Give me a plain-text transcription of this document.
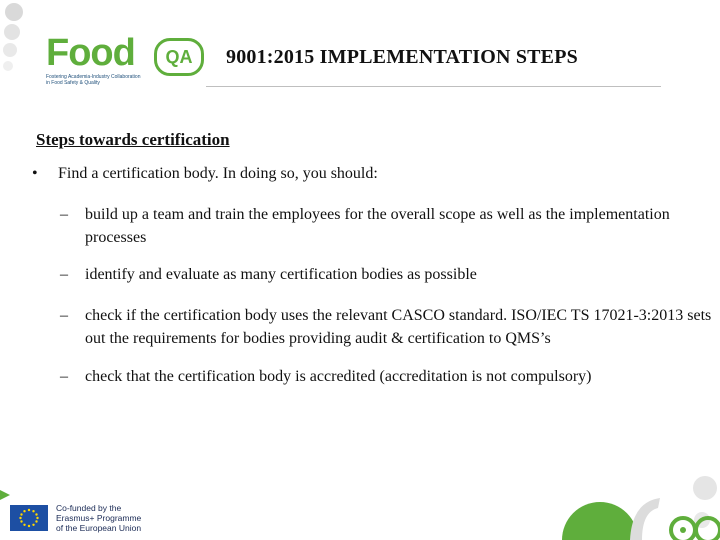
Food	QA
Fostering Academia-Industry Collaboration in Food Safety & Quality
9001:2015 IMPLEMENTATION STEPS
Steps towards certification
•	Find a certification body. In doing so, you should:
–	build up a team and train the employees for the overall scope as well as the implementation processes
–	identify and evaluate as many certification bodies as possible
–	check if the certification body uses the relevant CASCO standard. ISO/IEC TS 17021-3:2013 sets out the requirements for bodies providing audit & certification to QMS’s
–	check that the certification body is accredited (accreditation is not compulsory)
Co-funded by the
Erasmus+ Programme
of the European Union
